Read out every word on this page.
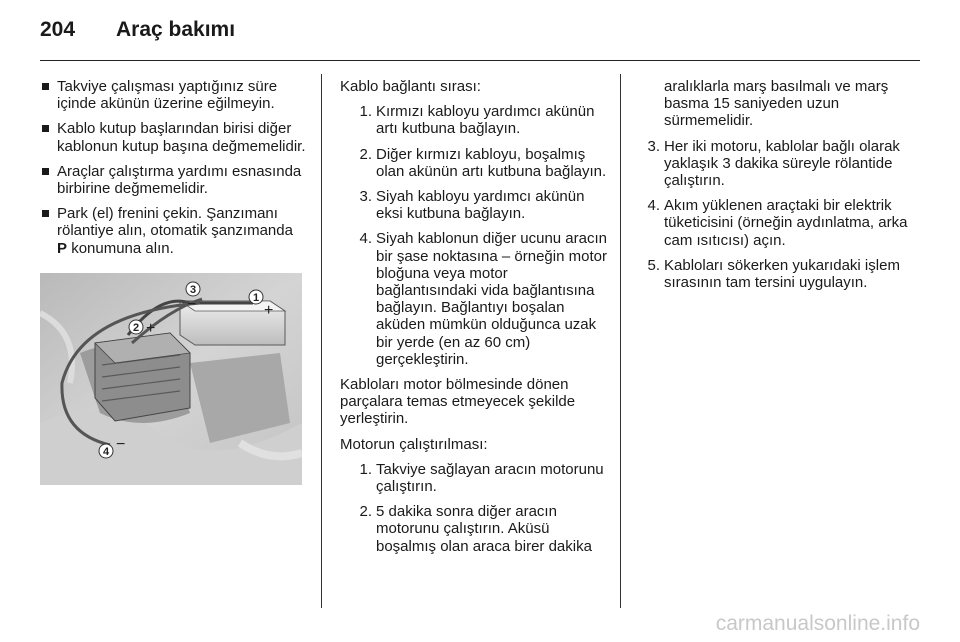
204 Araç bakımı
Takviye çalışması yaptığınız süre içinde akünün üzerine eğilmeyin.
Kablo kutup başlarından birisi diğer kablonun kutup başına değmemelidir.
Araçlar çalıştırma yardımı esnasında birbirine değmemelidir.
Park (el) frenini çekin. Şanzımanı rölantiye alın, otomatik şanzımanda P konumuna alın.
1
+
3
−
2 +
4 −
Kablo bağlantı sırası:
1. Kırmızı kabloyu yardımcı akünün artı kutbuna bağlayın.
2. Diğer kırmızı kabloyu, boşalmış olan akünün artı kutbuna bağlayın.
3. Siyah kabloyu yardımcı akünün eksi kutbuna bağlayın.
4. Siyah kablonun diğer ucunu aracın bir şase noktasına – örneğin motor bloğuna veya motor bağlantısındaki vida bağlantısına bağlayın. Bağlantıyı boşalan aküden mümkün olduğunca uzak bir yerde (en az 60 cm) gerçekleştirin.
Kabloları motor bölmesinde dönen parçalara temas etmeyecek şekilde yerleştirin.
Motorun çalıştırılması:
1. Takviye sağlayan aracın motorunu çalıştırın.
2. 5 dakika sonra diğer aracın motorunu çalıştırın. Aküsü boşalmış olan araca birer dakika
aralıklarla marş basılmalı ve marş basma 15 saniyeden uzun sürmemelidir.
3. Her iki motoru, kablolar bağlı olarak yaklaşık 3 dakika süreyle rölantide çalıştırın.
4. Akım yüklenen araçtaki bir elektrik tüketicisini (örneğin aydınlatma, arka cam ısıtıcısı) açın.
5. Kabloları sökerken yukarıdaki işlem sırasının tam tersini uygulayın.
carmanualsonline.info
